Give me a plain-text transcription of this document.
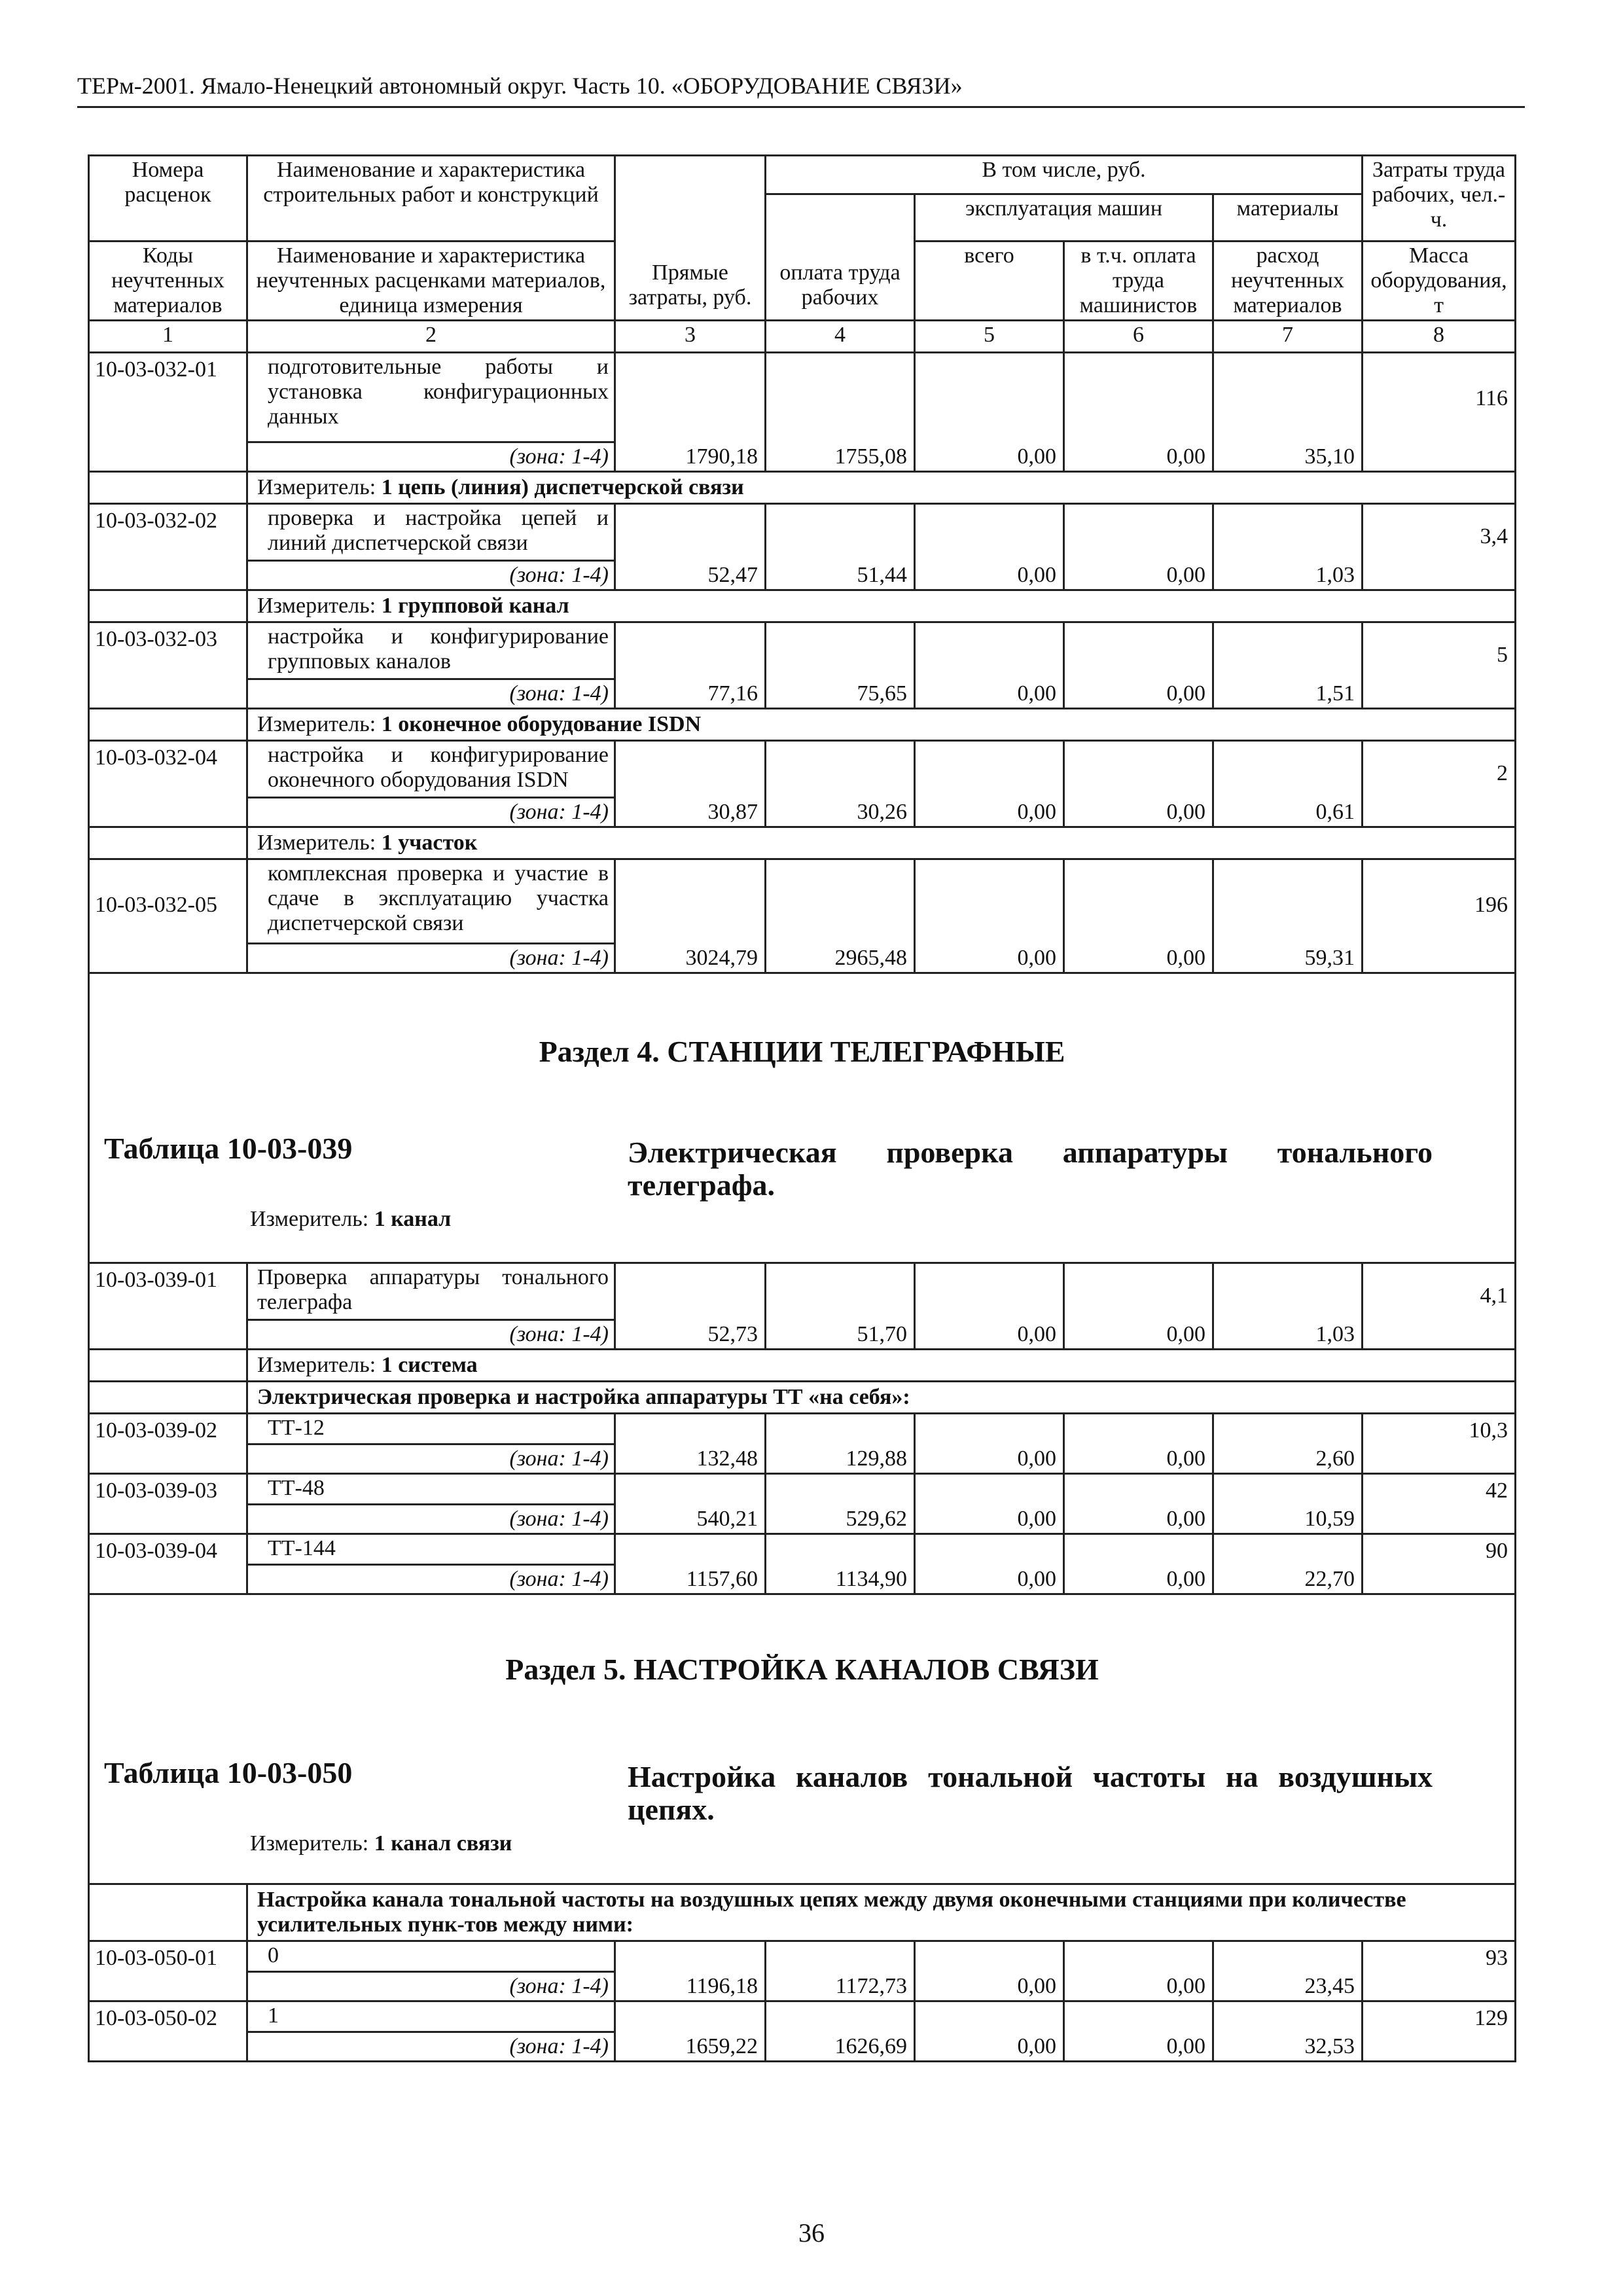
ТЕРм-2001. Ямало-Ненецкий автономный округ. Часть 10. «ОБОРУДОВАНИЕ СВЯЗИ»
Номера расценок	Наименование и характеристика строительных работ и конструкций	Прямые затраты, руб.	В том числе, руб.				Затраты труда рабочих, чел.-ч.
			оплата труда рабочих	эксплуатация машин		материалы	
Коды неучтенных материалов	Наименование и характеристика неучтенных расценками материалов, единица измерения			всего	в т.ч. оплата труда машинистов	расход неучтенных материалов	Масса оборудования, т
1	2	3	4	5	6	7	8
10-03-032-01	подготовительные работы и установка конфигурационных данных	1790,18	1755,08	0,00	0,00	35,10	116
	(зона: 1-4)						
	Измеритель: 1 цепь (линия) диспетчерской связи						
10-03-032-02	проверка и настройка цепей и линий диспетчерской связи	52,47	51,44	0,00	0,00	1,03	3,4
	(зона: 1-4)						
	Измеритель: 1 групповой канал						
10-03-032-03	настройка и конфигурирование групповых каналов	77,16	75,65	0,00	0,00	1,51	5
	(зона: 1-4)						
	Измеритель: 1 оконечное оборудование ISDN						
10-03-032-04	настройка и конфигурирование оконечного оборудования ISDN	30,87	30,26	0,00	0,00	0,61	2
	(зона: 1-4)						
	Измеритель: 1 участок						
10-03-032-05	комплексная проверка и участие в сдаче в эксплуатацию участка диспетчерской связи	3024,79	2965,48	0,00	0,00	59,31	196
	(зона: 1-4)						

Раздел 4. СТАНЦИИ ТЕЛЕГРАФНЫЕ
Таблица 10-03-039 Электрическая проверка аппаратуры тонального телеграфа.
Измеритель: 1 канал							

10-03-039-01	Проверка аппаратуры тонального телеграфа	52,73	51,70	0,00	0,00	1,03	4,1
	(зона: 1-4)						
	Измеритель: 1 система						
	Электрическая проверка и настройка аппаратуры ТТ «на себя»:						
10-03-039-02	ТТ-12	132,48	129,88	0,00	0,00	2,60	10,3
	(зона: 1-4)						
10-03-039-03	ТТ-48	540,21	529,62	0,00	0,00	10,59	42
	(зона: 1-4)						
10-03-039-04	ТТ-144	1157,60	1134,90	0,00	0,00	22,70	90
	(зона: 1-4)						

Раздел 5. НАСТРОЙКА КАНАЛОВ СВЯЗИ
Таблица 10-03-050 Настройка каналов тональной частоты на воздушных цепях.
Измеритель: 1 канал связи							

	Настройка канала тональной частоты на воздушных цепях между двумя оконечными станциями при количестве усилительных пунк-тов между ними:						
10-03-050-01	0	1196,18	1172,73	0,00	0,00	23,45	93
	(зона: 1-4)						
10-03-050-02	1	1659,22	1626,69	0,00	0,00	32,53	129
	(зона: 1-4)						
36
